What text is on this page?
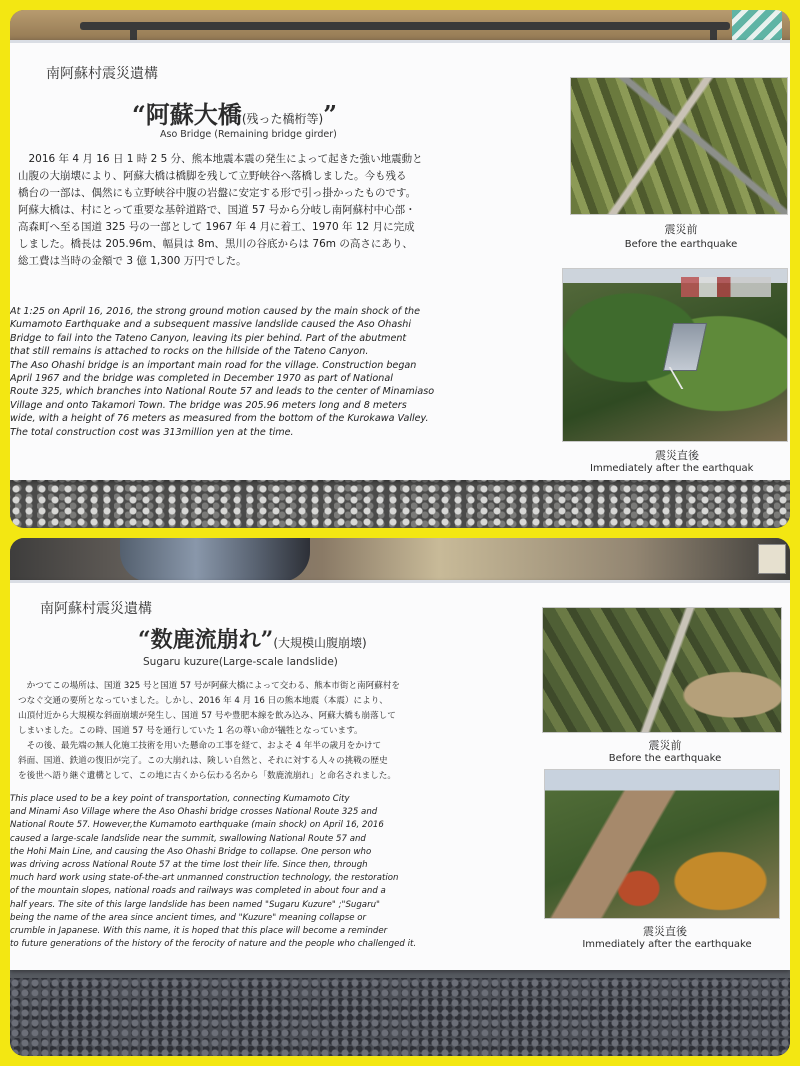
南阿蘇村震災遺構
“阿蘇大橋(残った橋桁等)”
Aso Bridge (Remaining bridge girder)

　2016 年 4 月 16 日 1 時 2 5 分、熊本地震本震の発生によって起きた強い地震動と

山腹の大崩壊により、阿蘇大橋は橋脚を残して立野峡谷へ落橋しました。今も残る

橋台の一部は、偶然にも立野峡谷中腹の岩盤に安定する形で引っ掛かったものです。

阿蘇大橋は、村にとって重要な基幹道路で、国道 57 号から分岐し南阿蘇村中心部・

高森町へ至る国道 325 号の一部として 1967 年 4 月に着工、1970 年 12 月に完成

しました。橋長は 205.96m、幅員は 8m、黒川の谷底からは 76m の高さにあり、

総工費は当時の金額で 3 億 1,300 万円でした。

At 1:25 on April 16, 2016, the strong ground motion caused by the main shock of the

Kumamoto Earthquake and a subsequent massive landslide caused the Aso Ohashi

Bridge to fail into the Tateno Canyon, leaving its pier behind. Part of the abutment

that still remains is attached to rocks on the hillside of the Tateno Canyon.

The Aso Ohashi bridge is an important main road for the village. Construction began

April 1967 and the bridge was completed in December 1970 as part of National

Route 325, which branches into National Route 57 and leads to the center of Minamiaso

Village and onto Takamori Town. The bridge was 205.96 meters long and 8 meters

wide, with a height of 76 meters as measured from the bottom of the Kurokawa Valley.

The total construction cost was 313million yen at the time.

震災前
Before the earthquake
震災直後
Immediately after the earthquak
南阿蘇村震災遺構
“数鹿流崩れ”(大規模山腹崩壊)
Sugaru kuzure(Large-scale landslide)

　かつてこの場所は、国道 325 号と国道 57 号が阿蘇大橋によって交わる、熊本市街と南阿蘇村を

つなぐ交通の要所となっていました。しかし、2016 年 4 月 16 日の熊本地震（本震）により、

山頂付近から大規模な斜面崩壊が発生し、国道 57 号や豊肥本線を飲み込み、阿蘇大橋も崩落して

しまいました。この時、国道 57 号を通行していた 1 名の尊い命が犠牲となっています。

　その後、最先端の無人化施工技術を用いた懸命の工事を経て、およそ 4 年半の歳月をかけて

斜面、国道、鉄道の復旧が完了。この大崩れは、険しい自然と、それに対する人々の挑戦の歴史

を後世へ語り継ぐ遺構として、この地に古くから伝わる名から「数鹿流崩れ」と命名されました。

This place used to be a key point of transportation, connecting Kumamoto City

and Minami Aso Village where the Aso Ohashi bridge crosses National Route 325 and

National Route 57. However,the Kumamoto earthquake (main shock) on April 16, 2016

caused a large-scale landslide near the summit, swallowing National Route 57 and

the Hohi Main Line, and causing the Aso Ohashi Bridge to collapse. One person who

was driving across National Route 57 at the time lost their life. Since then, through

much hard work using state-of-the-art unmanned construction technology, the restoration

of the mountain slopes, national roads and railways was completed in about four and a

half years. The site of this large landslide has been named "Sugaru Kuzure" ;"Sugaru"

being the name of the area since ancient times, and "Kuzure" meaning collapse or

crumble in Japanese. With this name, it is hoped that this place will become a reminder

to future generations of the history of the ferocity of nature and the people who challenged it.

震災前
Before the earthquake
震災直後
Immediately after the earthquake
